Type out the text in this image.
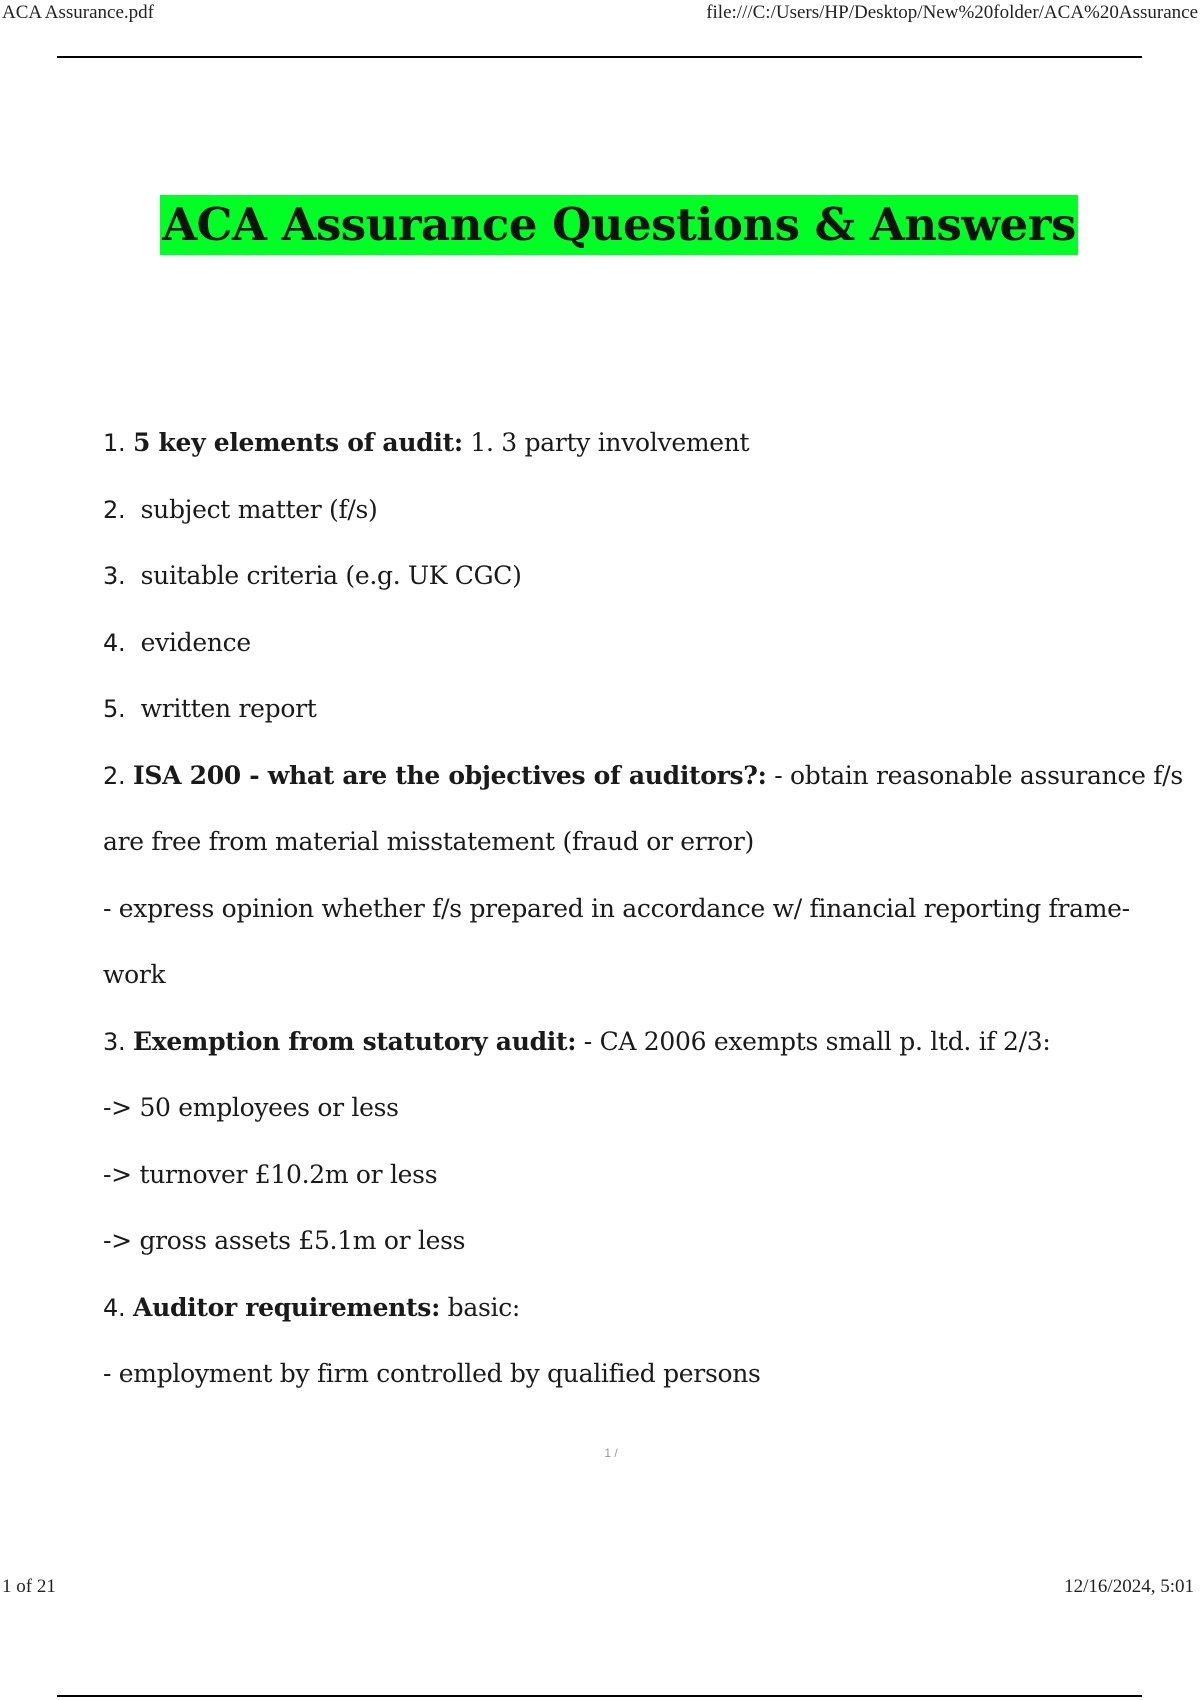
ACA Assurance.pdf	file:///C:/Users/HP/Desktop/New%20folder/ACA%20Assurance
ACA Assurance Questions & Answers
1. 5 key elements of audit: 1. 3 party involvement
2.  subject matter (f/s)
3.  suitable criteria (e.g. UK CGC)
4.  evidence
5.  written report
2. ISA 200 - what are the objectives of auditors?: - obtain reasonable assurance f/s
are free from material misstatement (fraud or error)
- express opinion whether f/s prepared in accordance w/ financial reporting frame-
work
3. Exemption from statutory audit: - CA 2006 exempts small p. ltd. if 2/3:
-> 50 employees or less
-> turnover £10.2m or less
-> gross assets £5.1m or less
4. Auditor requirements: basic:
- employment by firm controlled by qualified persons
1 /
1 of 21	12/16/2024, 5:01
